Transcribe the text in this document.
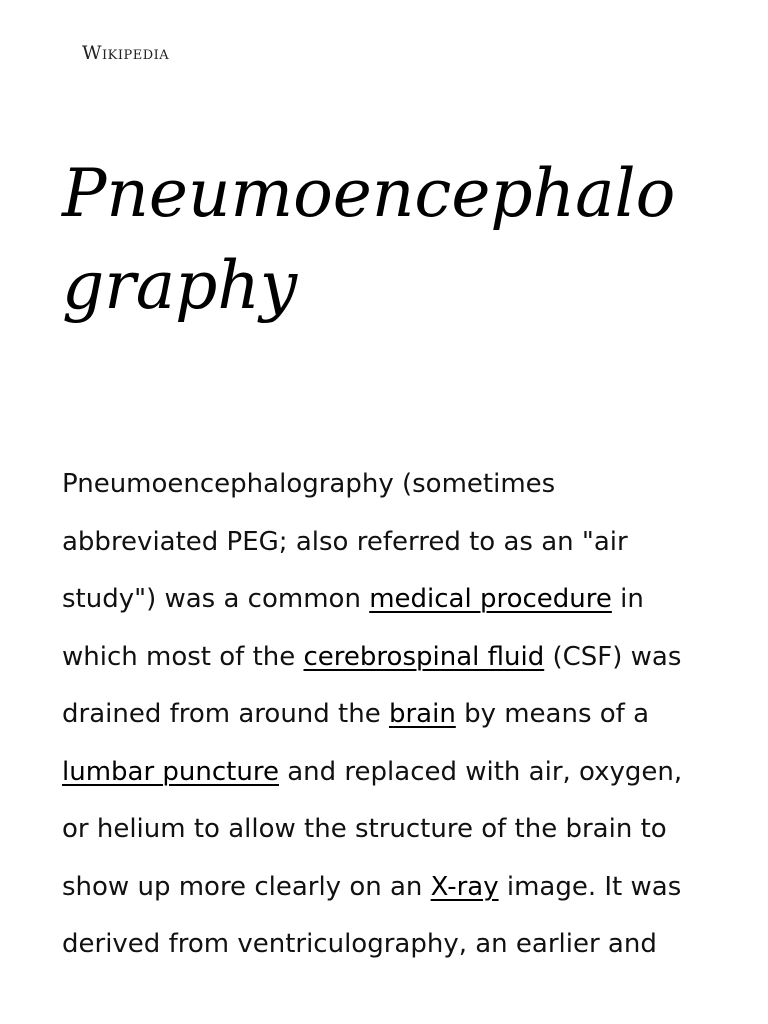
Wikipedia
Pneumoencephalography

Pneumoencephalography (sometimes abbreviated PEG; also referred to as an "air study") was a common medical procedure in which most of the cerebrospinal fluid (CSF) was drained from around the brain by means of a lumbar puncture and replaced with air, oxygen, or helium to allow the structure of the brain to show up more clearly on an X-ray image. It was derived from ventriculography, an earlier and
